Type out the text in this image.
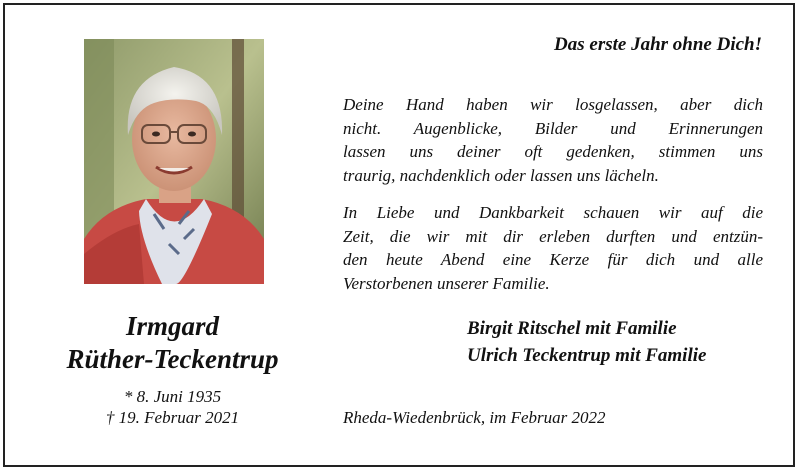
Das erste Jahr ohne Dich!
Deine Hand haben wir losgelassen, aber dich
nicht. Augenblicke, Bilder und Erinnerungen
lassen uns deiner oft gedenken, stimmen uns
traurig, nachdenklich oder lassen uns lächeln.
In Liebe und Dankbarkeit schauen wir auf die
Zeit, die wir mit dir erleben durften und entzün-
den heute Abend eine Kerze für dich und alle
Verstorbenen unserer Familie.
Irmgard
Rüther-Teckentrup
* 8. Juni 1935
† 19. Februar 2021
Birgit Ritschel mit Familie
Ulrich Teckentrup mit Familie
Rheda-Wiedenbrück, im Februar 2022
